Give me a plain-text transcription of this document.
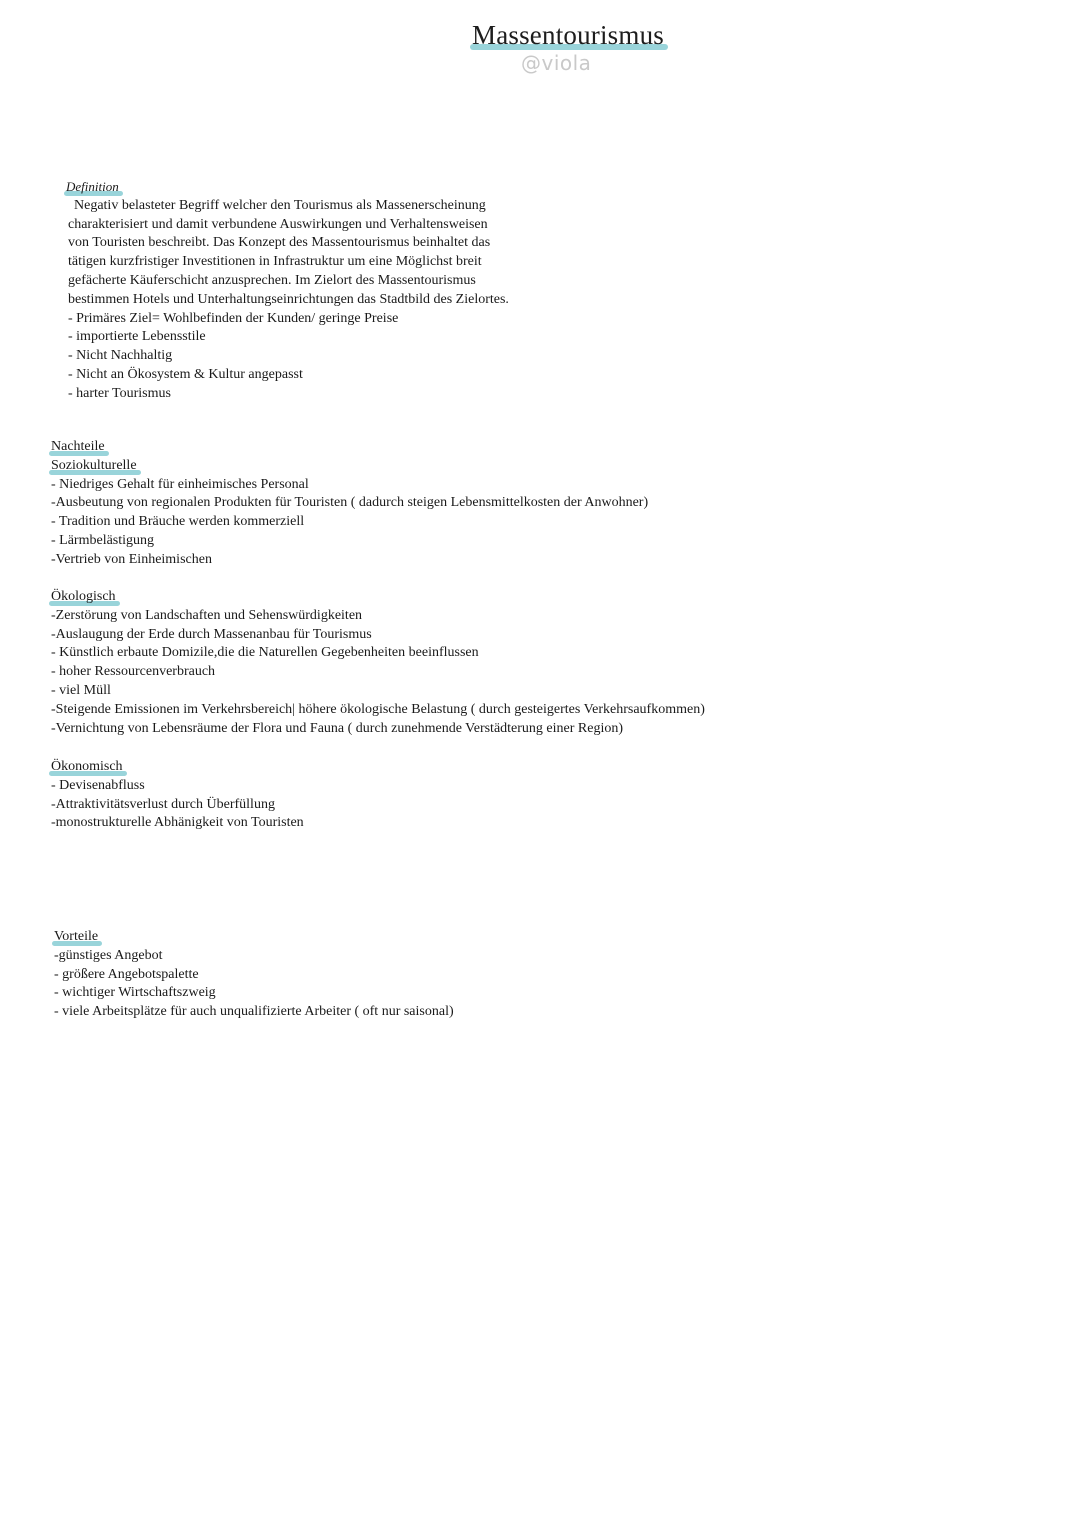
Massentourismus
@viola
Definition
Negativ belasteter Begriff welcher den Tourismus als Massenerscheinung
charakterisiert und damit verbundene Auswirkungen und Verhaltensweisen
von Touristen beschreibt. Das Konzept des Massentourismus beinhaltet das
tätigen kurzfristiger Investitionen in Infrastruktur um eine Möglichst breit
gefächerte Käuferschicht anzusprechen. Im Zielort des Massentourismus
bestimmen Hotels und Unterhaltungseinrichtungen das Stadtbild des Zielortes.
- Primäres Ziel= Wohlbefinden der Kunden/ geringe Preise
- importierte Lebensstile
- Nicht Nachhaltig
- Nicht an Ökosystem & Kultur angepasst
- harter Tourismus
Nachteile
Soziokulturelle
- Niedriges Gehalt für einheimisches Personal
-Ausbeutung von regionalen Produkten für Touristen ( dadurch steigen Lebensmittelkosten der Anwohner)
- Tradition und Bräuche werden kommerziell
- Lärmbelästigung
-Vertrieb von Einheimischen
Ökologisch
-Zerstörung von Landschaften und Sehenswürdigkeiten
-Auslaugung der Erde durch Massenanbau für Tourismus
- Künstlich erbaute Domizile,die die Naturellen Gegebenheiten beeinflussen
- hoher Ressourcenverbrauch
- viel Müll
-Steigende Emissionen im Verkehrsbereich| höhere ökologische Belastung ( durch gesteigertes Verkehrsaufkommen)
-Vernichtung von Lebensräume der Flora und Fauna ( durch zunehmende Verstädterung einer Region)
Ökonomisch
- Devisenabfluss
-Attraktivitätsverlust durch Überfüllung
-monostrukturelle Abhänigkeit von Touristen
Vorteile
-günstiges Angebot
- größere Angebotspalette
- wichtiger Wirtschaftszweig
- viele Arbeitsplätze für auch unqualifizierte Arbeiter ( oft nur saisonal)
